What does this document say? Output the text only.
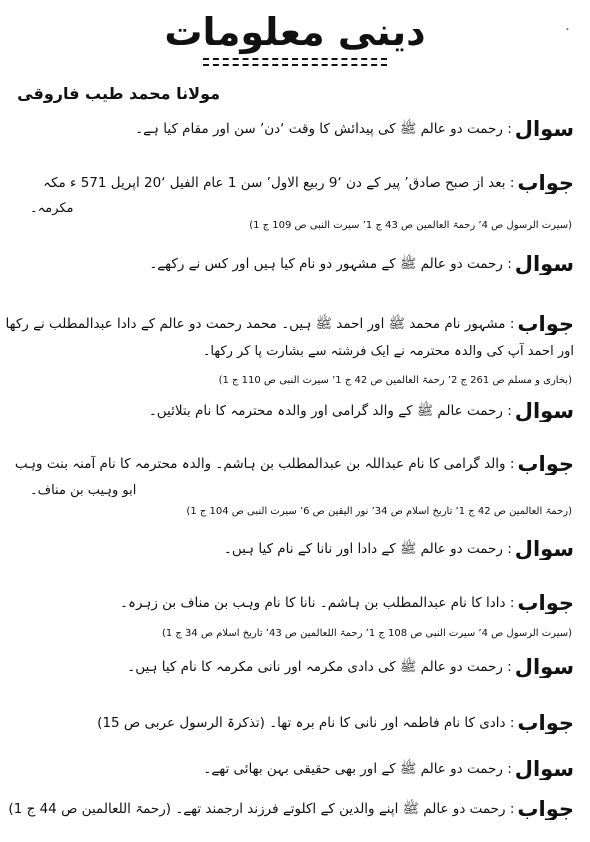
دینی معلومات
مولانا محمد طیب فاروقی
سوال: رحمت دو عالم ﷺ کی پیدائش کا وقت ‘دن’ سن اور مقام کیا ہے۔
جواب: بعد از صبح صادق’ پیر کے دن ‘9 ربیع الاول’ سن 1 عام الفیل ‘20 اپریل 571 ء مکہ
مکرمہ۔
(سیرت الرسول ص 4’ رحمۃ العالمین ص 43 ج 1’ سیرت النبی ص 109 ج 1)
سوال: رحمت دو عالم ﷺ کے مشہور دو نام کیا ہیں اور کس نے رکھے۔
جواب: مشہور نام محمد ﷺ اور احمد ﷺ ہیں۔ محمد رحمت دو عالم کے دادا عبدالمطلب نے رکھا
اور احمد آپ کی والدہ محترمہ نے ایک فرشتہ سے بشارت پا کر رکھا۔
(بخاری و مسلم ص 261 ج 2’ رحمۃ العالمین ص 42 ج 1’ سیرت النبی ص 110 ج 1)
سوال: رحمت عالم ﷺ کے والد گرامی اور والدہ محترمہ کا نام بتلائیں۔
جواب: والد گرامی کا نام عبداللہ بن عبدالمطلب بن ہاشم۔ والدہ محترمہ کا نام آمنہ بنت وہب
ابو وہیب بن مناف۔
(رحمۃ العالمین ص 42 ج 1’ تاریخ اسلام ص 34’ نور الیقین ص 6’ سیرت النبی ص 104 ج 1)
سوال: رحمت دو عالم ﷺ کے دادا اور نانا کے نام کیا ہیں۔
جواب: دادا کا نام عبدالمطلب بن ہاشم۔ نانا کا نام وہب بن مناف بن زہرہ۔
(سیرت الرسول ص 4’ سیرت النبی ص 108 ج 1’ رحمۃ اللعالمین ص 43’ تاریخ اسلام ص 34 ج 1)
سوال: رحمت دو عالم ﷺ کی دادی مکرمہ اور نانی مکرمہ کا نام کیا ہیں۔
جواب: دادی کا نام فاطمہ اور نانی کا نام برہ تھا۔ (تذکرۃ الرسول عربی ص 15)
سوال: رحمت دو عالم ﷺ کے اور بھی حقیقی بہن بھائی تھے۔
جواب: رحمت دو عالم ﷺ اپنے والدین کے اکلوتے فرزند ارجمند تھے۔ (رحمۃ اللعالمین ص 44 ج 1)
